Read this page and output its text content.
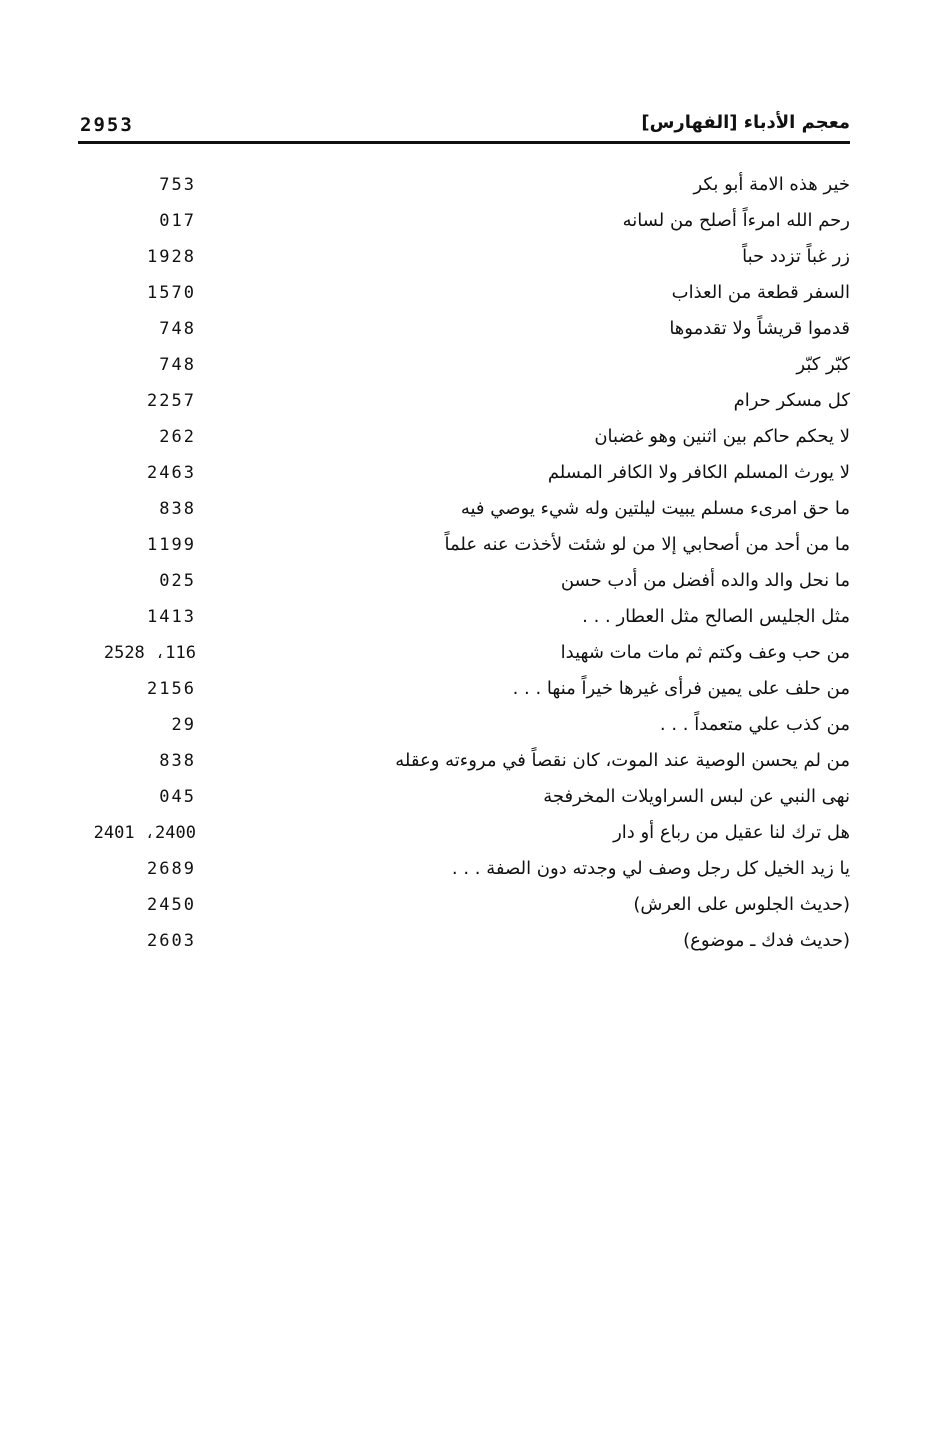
2953	معجم الأدباء [الفهارس]
خير هذه الامة أبو بكر
753
رحم الله امرءاً أصلح من لسانه
017
زر غباً تزدد حباً
1928
السفر قطعة من العذاب
1570
قدموا قريشاً ولا تقدموها
748
كبّر كبّر
748
كل مسكر حرام
2257
لا يحكم حاكم بين اثنين وهو غضبان
262
لا يورث المسلم الكافر ولا الكافر المسلم
2463
ما حق امرىء مسلم يبيت ليلتين وله شيء يوصي فيه
838
ما من أحد من أصحابي إلا من لو شئت لأخذت عنه علماً
1199
ما نحل والد والده أفضل من أدب حسن
025
مثل الجليس الصالح مثل العطار . . .
1413
من حب وعف وكتم ثم مات مات شهيدا
116، 2528
من حلف على يمين فرأى غيرها خيراً منها . . .
2156
من كذب علي متعمداً . . .
29
من لم يحسن الوصية عند الموت، كان نقصاً في مروءته وعقله
838
نهى النبي عن لبس السراويلات المخرفجة
045
هل ترك لنا عقيل من رباع أو دار
2400، 2401
يا زيد الخيل كل رجل وصف لي وجدته دون الصفة . . .
2689
(حديث الجلوس على العرش)
2450
(حديث فدك ـ موضوع)
2603
